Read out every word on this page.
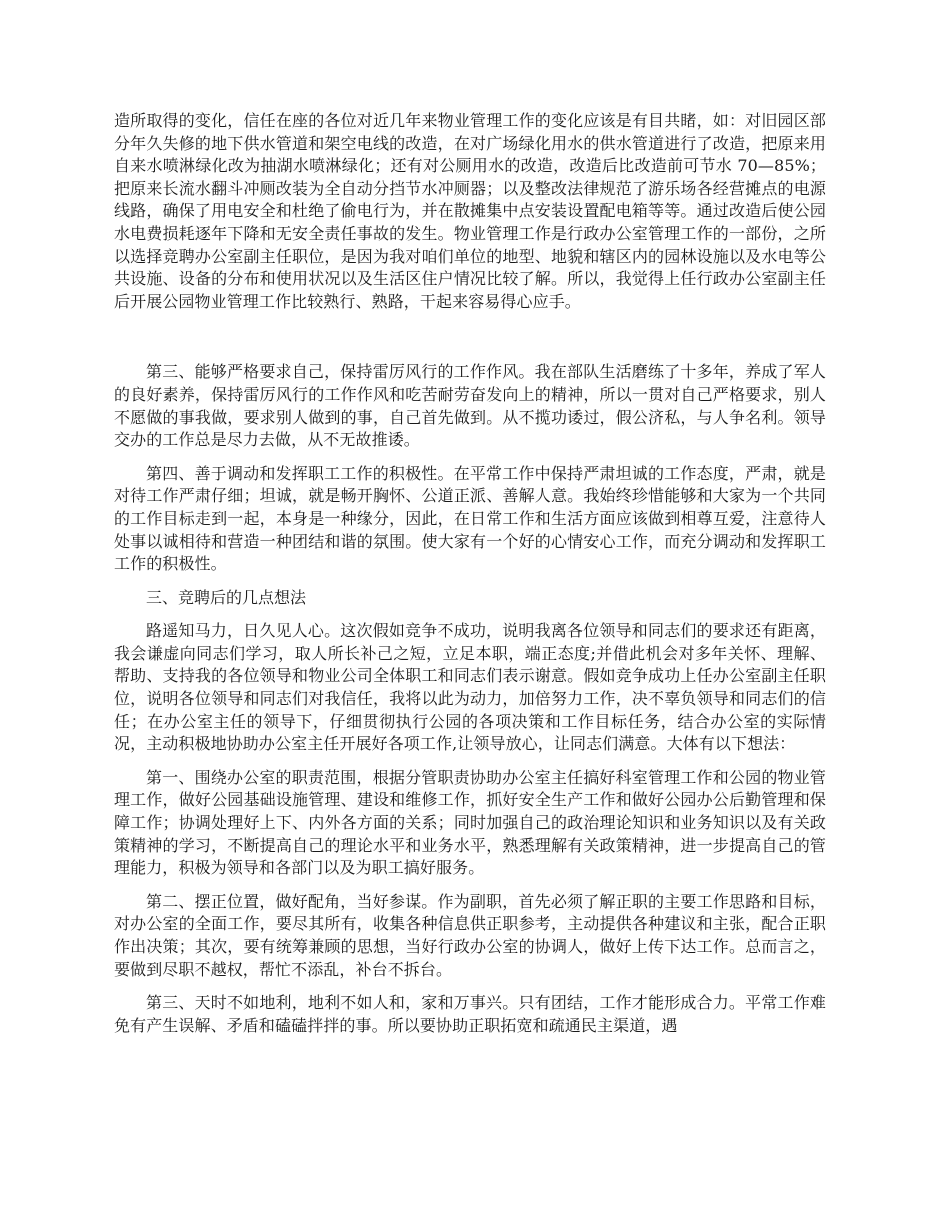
造所取得的变化，信任在座的各位对近几年来物业管理工作的变化应该是有目共睹，如：对旧园区部分年久失修的地下供水管道和架空电线的改造，在对广场绿化用水的供水管道进行了改造，把原来用自来水喷淋绿化改为抽湖水喷淋绿化；还有对公厕用水的改造，改造后比改造前可节水 70—85%；把原来长流水翻斗冲厕改装为全自动分挡节水冲厕器；以及整改法律规范了游乐场各经营摊点的电源线路，确保了用电安全和杜绝了偷电行为，并在散摊集中点安装设置配电箱等等。通过改造后使公园水电费损耗逐年下降和无安全责任事故的发生。物业管理工作是行政办公室管理工作的一部份，之所以选择竞聘办公室副主任职位，是因为我对咱们单位的地型、地貌和辖区内的园林设施以及水电等公共设施、设备的分布和使用状况以及生活区住户情况比较了解。所以，我觉得上任行政办公室副主任后开展公园物业管理工作比较熟行、熟路，干起来容易得心应手。

第三、能够严格要求自己，保持雷厉风行的工作作风。我在部队生活磨练了十多年，养成了军人的良好素养，保持雷厉风行的工作作风和吃苦耐劳奋发向上的精神，所以一贯对自己严格要求，别人不愿做的事我做，要求别人做到的事，自己首先做到。从不揽功诿过，假公济私，与人争名利。领导交办的工作总是尽力去做，从不无故推诿。

第四、善于调动和发挥职工工作的积极性。在平常工作中保持严肃坦诚的工作态度，严肃，就是对待工作严肃仔细；坦诚，就是畅开胸怀、公道正派、善解人意。我始终珍惜能够和大家为一个共同的工作目标走到一起，本身是一种缘分，因此，在日常工作和生活方面应该做到相尊互爱，注意待人处事以诚相待和营造一种团结和谐的氛围。使大家有一个好的心情安心工作，而充分调动和发挥职工工作的积极性。

三、竞聘后的几点想法

路遥知马力，日久见人心。这次假如竞争不成功，说明我离各位领导和同志们的要求还有距离，我会谦虚向同志们学习，取人所长补己之短，立足本职，端正态度;并借此机会对多年关怀、理解、帮助、支持我的各位领导和物业公司全体职工和同志们表示谢意。假如竞争成功上任办公室副主任职位，说明各位领导和同志们对我信任，我将以此为动力，加倍努力工作，决不辜负领导和同志们的信任；在办公室主任的领导下，仔细贯彻执行公园的各项决策和工作目标任务，结合办公室的实际情况，主动积极地协助办公室主任开展好各项工作,让领导放心，让同志们满意。大体有以下想法：

第一、围绕办公室的职责范围，根据分管职责协助办公室主任搞好科室管理工作和公园的物业管理工作，做好公园基础设施管理、建设和维修工作，抓好安全生产工作和做好公园办公后勤管理和保障工作；协调处理好上下、内外各方面的关系；同时加强自己的政治理论知识和业务知识以及有关政策精神的学习，不断提高自己的理论水平和业务水平，熟悉理解有关政策精神，进一步提高自己的管理能力，积极为领导和各部门以及为职工搞好服务。

第二、摆正位置，做好配角，当好参谋。作为副职，首先必须了解正职的主要工作思路和目标，对办公室的全面工作，要尽其所有，收集各种信息供正职参考，主动提供各种建议和主张，配合正职作出决策；其次，要有统筹兼顾的思想，当好行政办公室的协调人，做好上传下达工作。总而言之，要做到尽职不越权，帮忙不添乱，补台不拆台。

第三、天时不如地利，地利不如人和，家和万事兴。只有团结，工作才能形成合力。平常工作难免有产生误解、矛盾和磕磕拌拌的事。所以要协助正职拓宽和疏通民主渠道，遇
